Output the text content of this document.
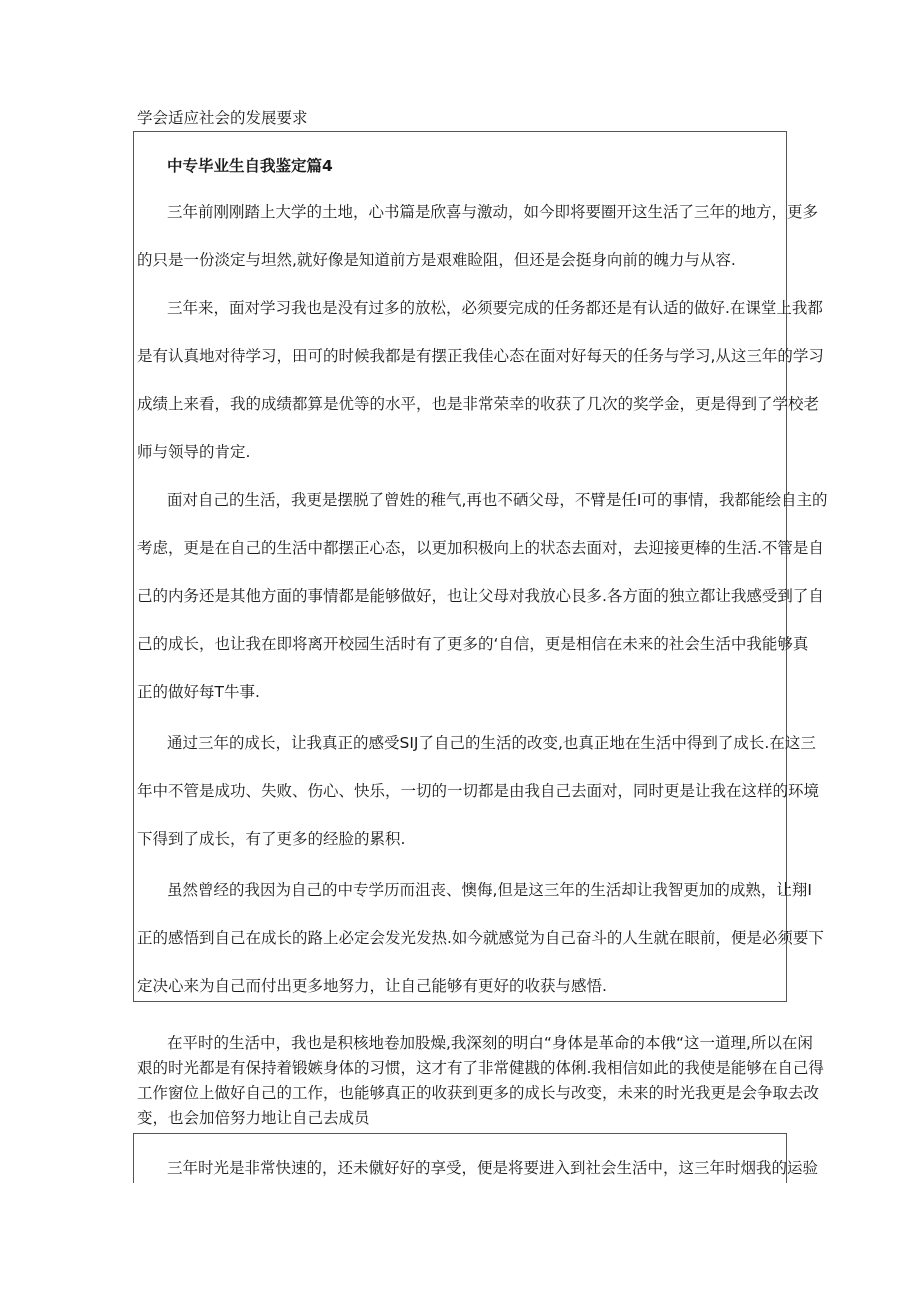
学会适应社会的发展要求
中专毕业生自我鉴定篇4
三年前刚刚踏上大学的土地，心书篇是欣喜与激动，如今即将要圈开这生活了三年的地方，更多
的只是一份淡定与坦然,就好像是知道前方是艰难睑阻，但还是会挺身向前的魄力与从容.
三年来，面对学习我也是没有过多的放松，必须要完成的任务都还是有认适的做好.在课堂上我都
是有认真地对待学习，田可的时候我都是有摆正我佳心态在面对好每天的任务与学习,从这三年的学习
成绩上来看，我的成绩都算是优等的水平，也是非常荣幸的收获了几次的奖学金，更是得到了学校老
师与领导的肯定.
面对自己的生活，我更是摆脱了曾姓的稚气,再也不硒父母，不臂是任I可的事情，我都能绘自主的
考虑，更是在自己的生活中都摆正心态，以更加积极向上的状态去面对，去迎接更棒的生活.不管是自
己的内务还是其他方面的事情都是能够做好，也让父母对我放心艮多.各方面的独立都让我感受到了自
己的成长，也让我在即将离开校园生活时有了更多的‘自信，更是相信在未来的社会生活中我能够真
正的做好每T牛事.
通过三年的成长，让我真正的感受SIJ了自己的生活的改变,也真正地在生活中得到了成长.在这三
年中不管是成功、失败、伤心、快乐，一切的一切都是由我自己去面对，同时更是让我在这样的环境
下得到了成长，有了更多的经脸的累积.
虽然曾经的我因为自己的中专学历而沮丧、懊侮,但是这三年的生活却让我智更加的成熟，让翔I
正的感悟到自己在成长的路上必定会发光发热.如今就感觉为自己奋斗的人生就在眼前，便是必须要下
定决心来为自己而付出更多地努力，让自己能够有更好的收获与感悟.
在平时的生活中，我也是积核地卷加股燥,我深刻的明白“身体是革命的本俄“这一道理,所以在闲
艰的时光都是有保持着锻嫉身体的习惯，这才有了非常健戡的体俐.我相信如此的我使是能够在自己得
工作窗位上做好自己的工作，也能够真正的收获到更多的成长与改变，未来的时光我更是会争取去改
变，也会加倍努力地让自己去成员
三年时光是非常快速的，还未僦好好的享受，便是将要进入到社会生活中，这三年时烟我的运验
